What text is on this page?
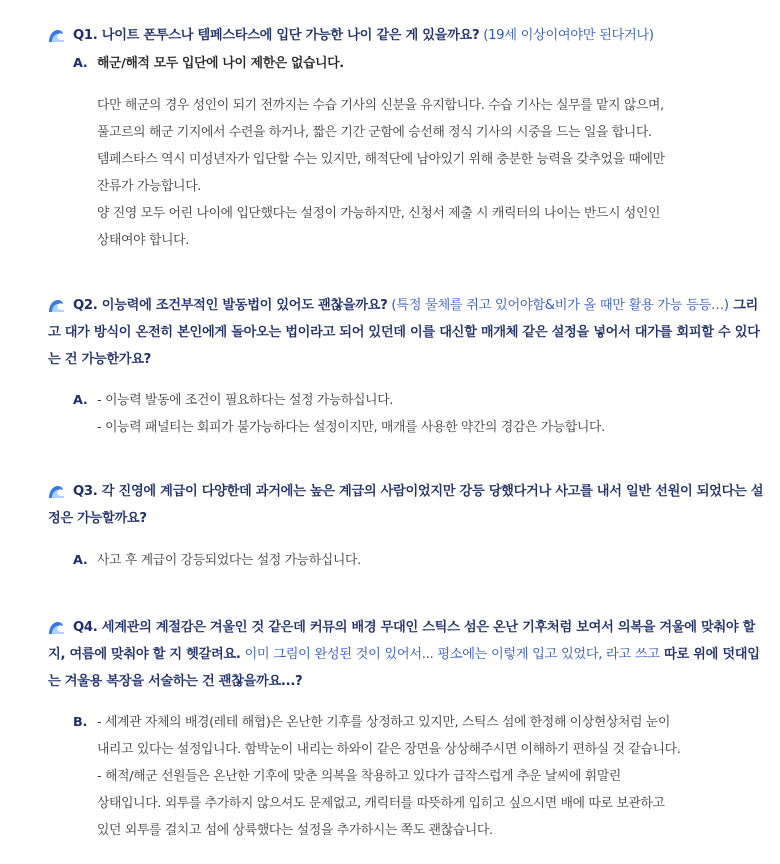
Q1. 나이트 폰투스나 템페스타스에 입단 가능한 나이 같은 게 있을까요? (19세 이상이여야만 된다거나)

A. 해군/해적 모두 입단에 나이 제한은 없습니다.
다만 해군의 경우 성인이 되기 전까지는 수습 기사의 신분을 유지합니다. 수습 기사는 실무를 맡지 않으며,
풀고르의 해군 기지에서 수련을 하거나, 짧은 기간 군함에 승선해 정식 기사의 시중을 드는 일을 합니다.
템페스타스 역시 미성년자가 입단할 수는 있지만, 해적단에 남아있기 위해 충분한 능력을 갖추었을 때에만
잔류가 가능합니다.
양 진영 모두 어린 나이에 입단했다는 설정이 가능하지만, 신청서 제출 시 캐릭터의 나이는 반드시 성인인
상태여야 합니다.

Q2. 이능력에 조건부적인 발동법이 있어도 괜찮을까요? (특정 물체를 쥐고 있어야함&비가 올 때만 활용 가능 등등…) 그리고 대가 방식이 온전히 본인에게 돌아오는 법이라고 되어 있던데 이를 대신할 매개체 같은 설정을 넣어서 대가를 회피할 수 있다는 건 가능한가요?

A. - 이능력 발동에 조건이 필요하다는 설정 가능하십니다.
- 이능력 패널티는 회피가 불가능하다는 설정이지만, 매개를 사용한 약간의 경감은 가능합니다.

Q3. 각 진영에 계급이 다양한데 과거에는 높은 계급의 사람이었지만 강등 당했다거나 사고를 내서 일반 선원이 되었다는 설정은 가능할까요?

A. 사고 후 계급이 강등되었다는 설정 가능하십니다.

Q4. 세계관의 계절감은 겨울인 것 같은데 커뮤의 배경 무대인 스틱스 섬은 온난 기후처럼 보여서 의복을 겨울에 맞춰야 할지, 여름에 맞춰야 할 지 헷갈려요. 이미 그림이 완성된 것이 있어서... 평소에는 이렇게 입고 있었다, 라고 쓰고 따로 위에 덧대입는 겨울용 복장을 서술하는 건 괜찮을까요...?

B. - 세계관 자체의 배경(레테 해협)은 온난한 기후를 상정하고 있지만, 스틱스 섬에 한정해 이상현상처럼 눈이
내리고 있다는 설정입니다. 함박눈이 내리는 하와이 같은 장면을 상상해주시면 이해하기 편하실 것 같습니다.
- 해적/해군 선원들은 온난한 기후에 맞춘 의복을 착용하고 있다가 급작스럽게 추운 날씨에 휘말린
상태입니다. 외투를 추가하지 않으셔도 문제없고, 캐릭터를 따뜻하게 입히고 싶으시면 배에 따로 보관하고
있던 외투를 걸치고 섬에 상륙했다는 설정을 추가하시는 쪽도 괜찮습니다.
